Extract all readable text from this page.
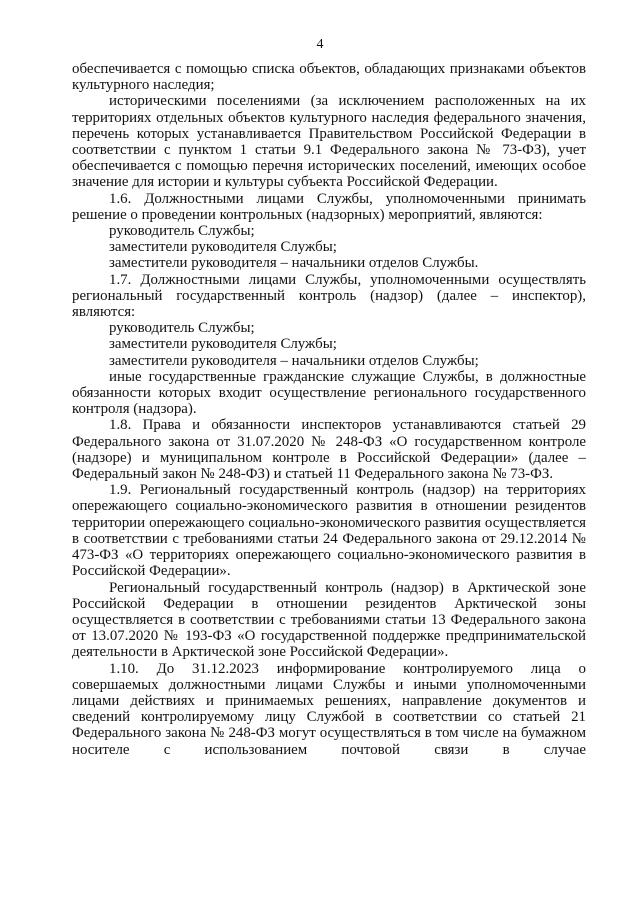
4

обеспечивается с помощью списка объектов, обладающих признаками объектов культурного наследия;

историческими поселениями (за исключением расположенных на их территориях отдельных объектов культурного наследия федерального значения, перечень которых устанавливается Правительством Российской Федерации в соответствии с пунктом 1 статьи 9.1 Федерального закона № 73-ФЗ), учет обеспечивается с помощью перечня исторических поселений, имеющих особое значение для истории и культуры субъекта Российской Федерации.

1.6. Должностными лицами Службы, уполномоченными принимать решение о проведении контрольных (надзорных) мероприятий, являются:

руководитель Службы;

заместители руководителя Службы;

заместители руководителя – начальники отделов Службы.

1.7. Должностными лицами Службы, уполномоченными осуществлять региональный государственный контроль (надзор) (далее – инспектор), являются:

руководитель Службы;

заместители руководителя Службы;

заместители руководителя – начальники отделов Службы;

иные государственные гражданские служащие Службы, в должностные обязанности которых входит осуществление регионального государственного контроля (надзора).

1.8. Права и обязанности инспекторов устанавливаются статьей 29 Федерального закона от 31.07.2020 № 248-ФЗ «О государственном контроле (надзоре) и муниципальном контроле в Российской Федерации» (далее – Федеральный закон № 248-ФЗ) и статьей 11 Федерального закона № 73-ФЗ.

1.9. Региональный государственный контроль (надзор) на территориях опережающего социально-экономического развития в отношении резидентов территории опережающего социально-экономического развития осуществляется в соответствии с требованиями статьи 24 Федерального закона от 29.12.2014 № 473-ФЗ «О территориях опережающего социально-экономического развития в Российской Федерации».

Региональный государственный контроль (надзор) в Арктической зоне Российской Федерации в отношении резидентов Арктической зоны осуществляется в соответствии с требованиями статьи 13 Федерального закона от 13.07.2020 № 193-ФЗ «О государственной поддержке предпринимательской деятельности в Арктической зоне Российской Федерации».

1.10. До 31.12.2023 информирование контролируемого лица о совершаемых должностными лицами Службы и иными уполномоченными лицами действиях и принимаемых решениях, направление документов и сведений контролируемому лицу Службой в соответствии со статьей 21 Федерального закона № 248-ФЗ могут осуществляться в том числе на бумажном носителе с использованием почтовой связи в случае
